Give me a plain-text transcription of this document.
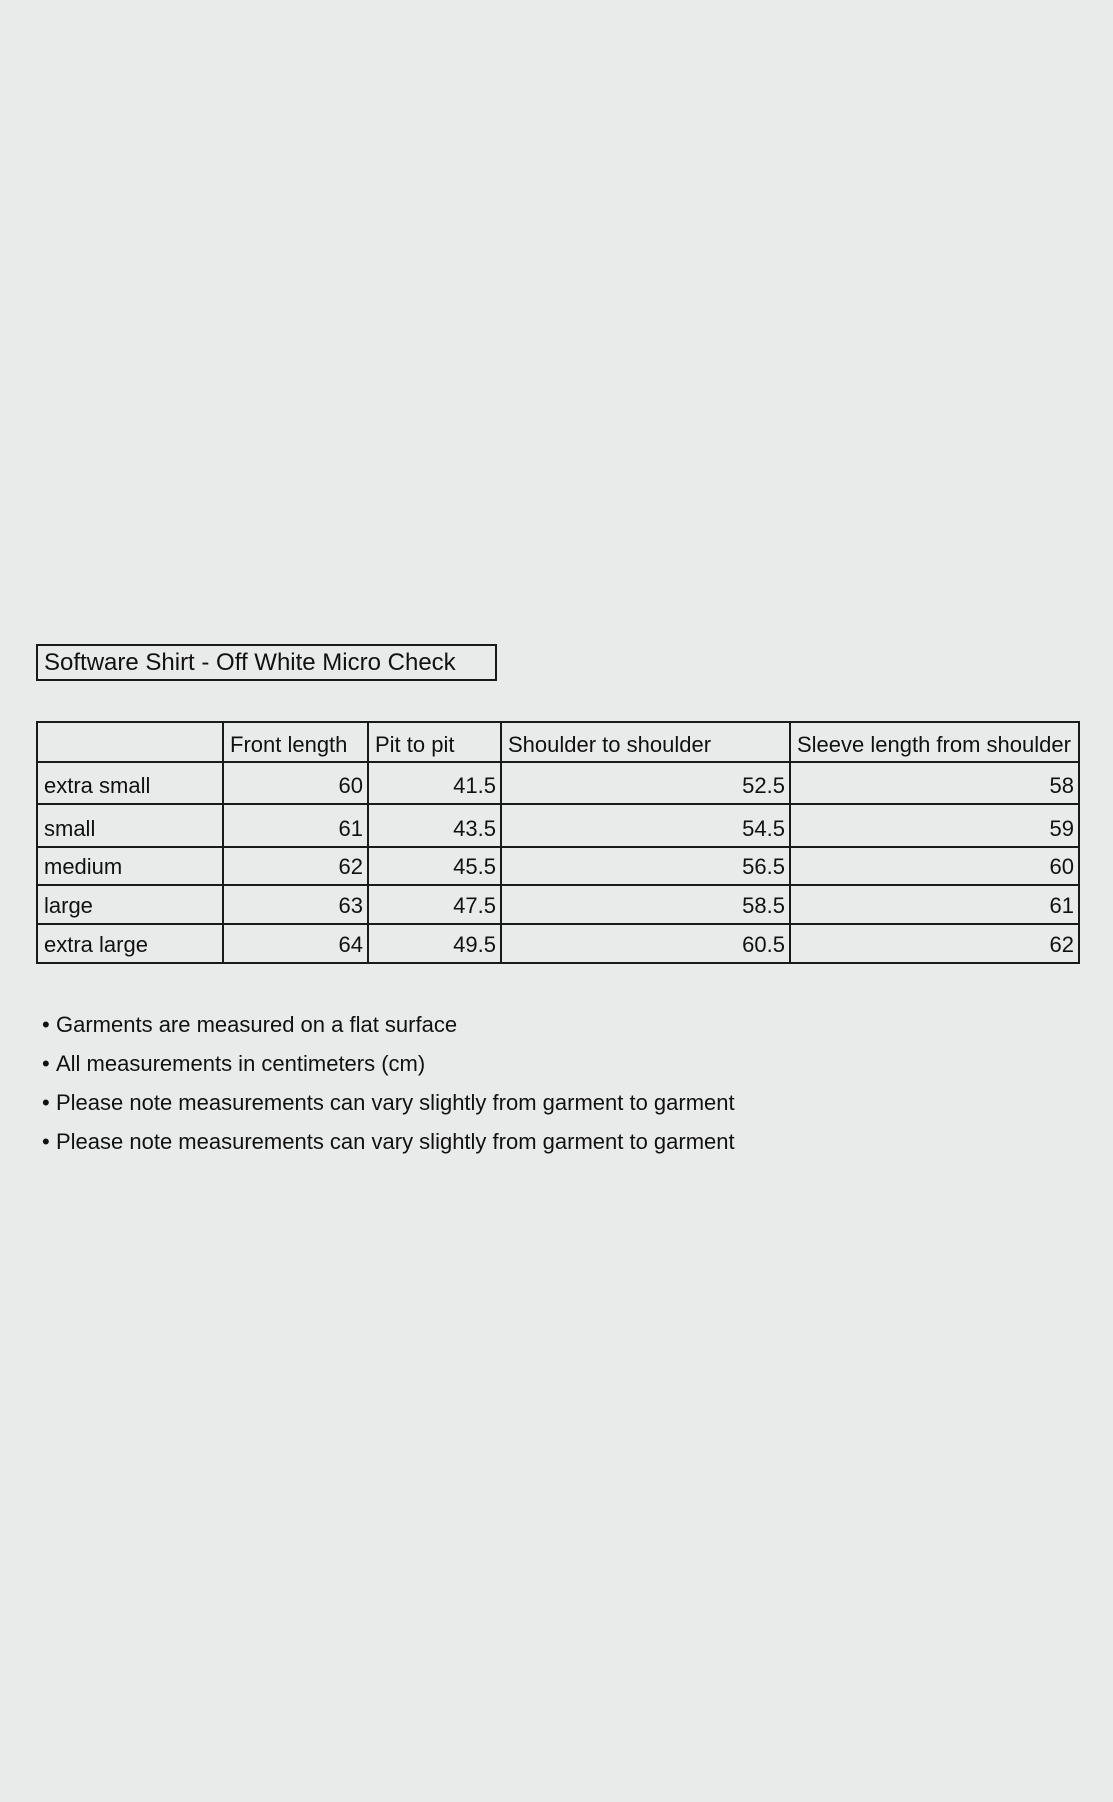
Software Shirt - Off White Micro Check
	Front length	Pit to pit	Shoulder to shoulder	Sleeve length from shoulder
extra small	60	41.5	52.5	58
small	61	43.5	54.5	59
medium	62	45.5	56.5	60
large	63	47.5	58.5	61
extra large	64	49.5	60.5	62
• Garments are measured on a flat surface
• All measurements in centimeters (cm)
• Please note measurements can vary slightly from garment to garment
• Please note measurements can vary slightly from garment to garment
